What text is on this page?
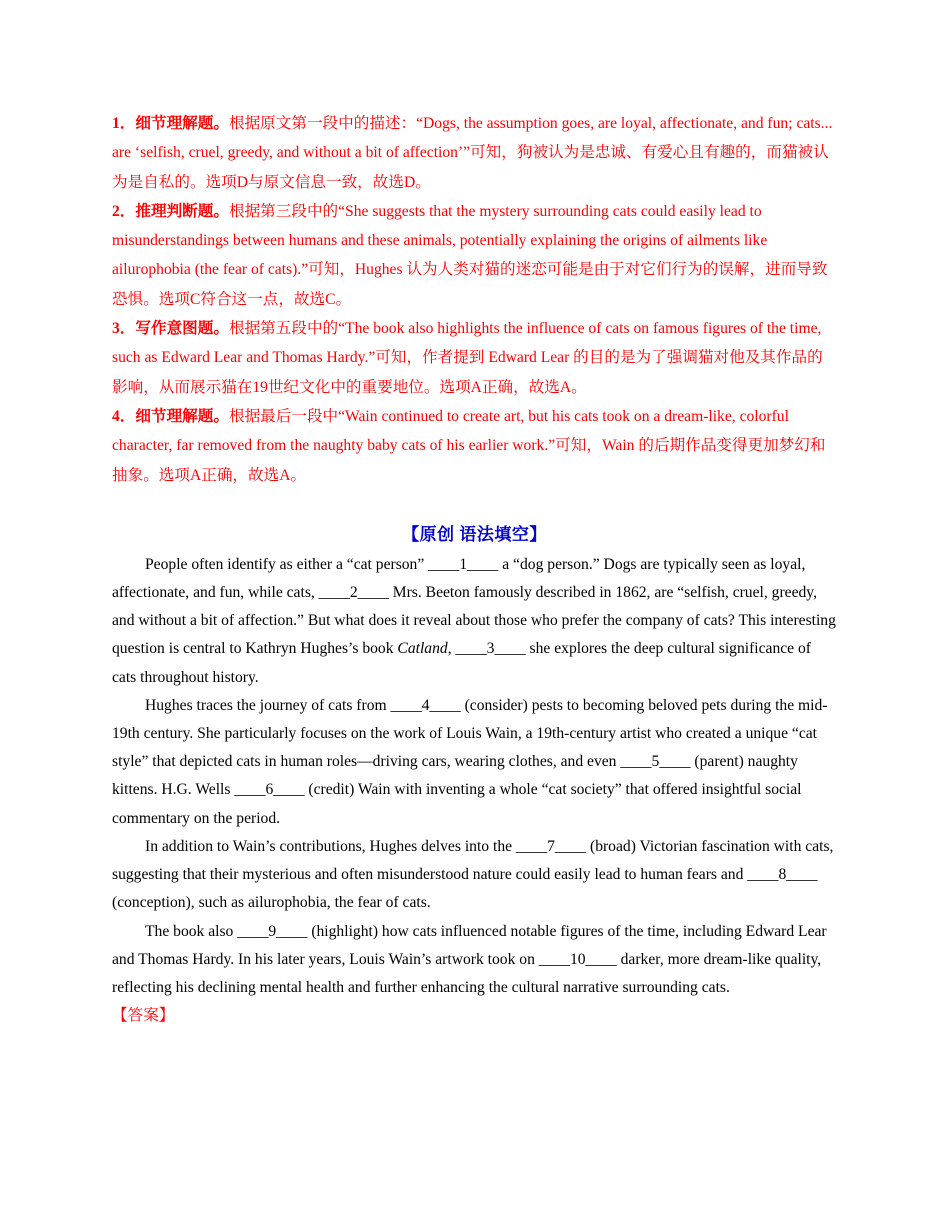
1．细节理解题。根据原文第一段中的描述：“Dogs, the assumption goes, are loyal, affectionate, and fun; cats... are ‘selfish, cruel, greedy, and without a bit of affection’”可知，狗被认为是忠诚、有爱心且有趣的，而猫被认为是自私的。选项D与原文信息一致，故选D。

2．推理判断题。根据第三段中的“She suggests that the mystery surrounding cats could easily lead to misunderstandings between humans and these animals, potentially explaining the origins of ailments like ailurophobia (the fear of cats).”可知，Hughes 认为人类对猫的迷恋可能是由于对它们行为的误解，进而导致恐惧。选项C符合这一点，故选C。

3．写作意图题。根据第五段中的“The book also highlights the influence of cats on famous figures of the time, such as Edward Lear and Thomas Hardy.”可知，作者提到 Edward Lear 的目的是为了强调猫对他及其作品的影响，从而展示猫在19世纪文化中的重要地位。选项A正确，故选A。

4．细节理解题。根据最后一段中“Wain continued to create art, but his cats took on a dream-like, colorful character, far removed from the naughty baby cats of his earlier work.”可知，Wain 的后期作品变得更加梦幻和抽象。选项A正确，故选A。

【原创 语法填空】

People often identify as either a “cat person” ____1____ a “dog person.” Dogs are typically seen as loyal, affectionate, and fun, while cats, ____2____ Mrs. Beeton famously described in 1862, are “selfish, cruel, greedy, and without a bit of affection.” But what does it reveal about those who prefer the company of cats? This interesting question is central to Kathryn Hughes’s book Catland, ____3____ she explores the deep cultural significance of cats throughout history.

Hughes traces the journey of cats from ____4____ (consider) pests to becoming beloved pets during the mid-19th century. She particularly focuses on the work of Louis Wain, a 19th-century artist who created a unique “cat style” that depicted cats in human roles—driving cars, wearing clothes, and even ____5____ (parent) naughty kittens. H.G. Wells ____6____ (credit) Wain with inventing a whole “cat society” that offered insightful social commentary on the period.

In addition to Wain’s contributions, Hughes delves into the ____7____ (broad) Victorian fascination with cats, suggesting that their mysterious and often misunderstood nature could easily lead to human fears and ____8____ (conception), such as ailurophobia, the fear of cats.

The book also ____9____ (highlight) how cats influenced notable figures of the time, including Edward Lear and Thomas Hardy. In his later years, Louis Wain’s artwork took on ____10____ darker, more dream-like quality, reflecting his declining mental health and further enhancing the cultural narrative surrounding cats.

【答案】
